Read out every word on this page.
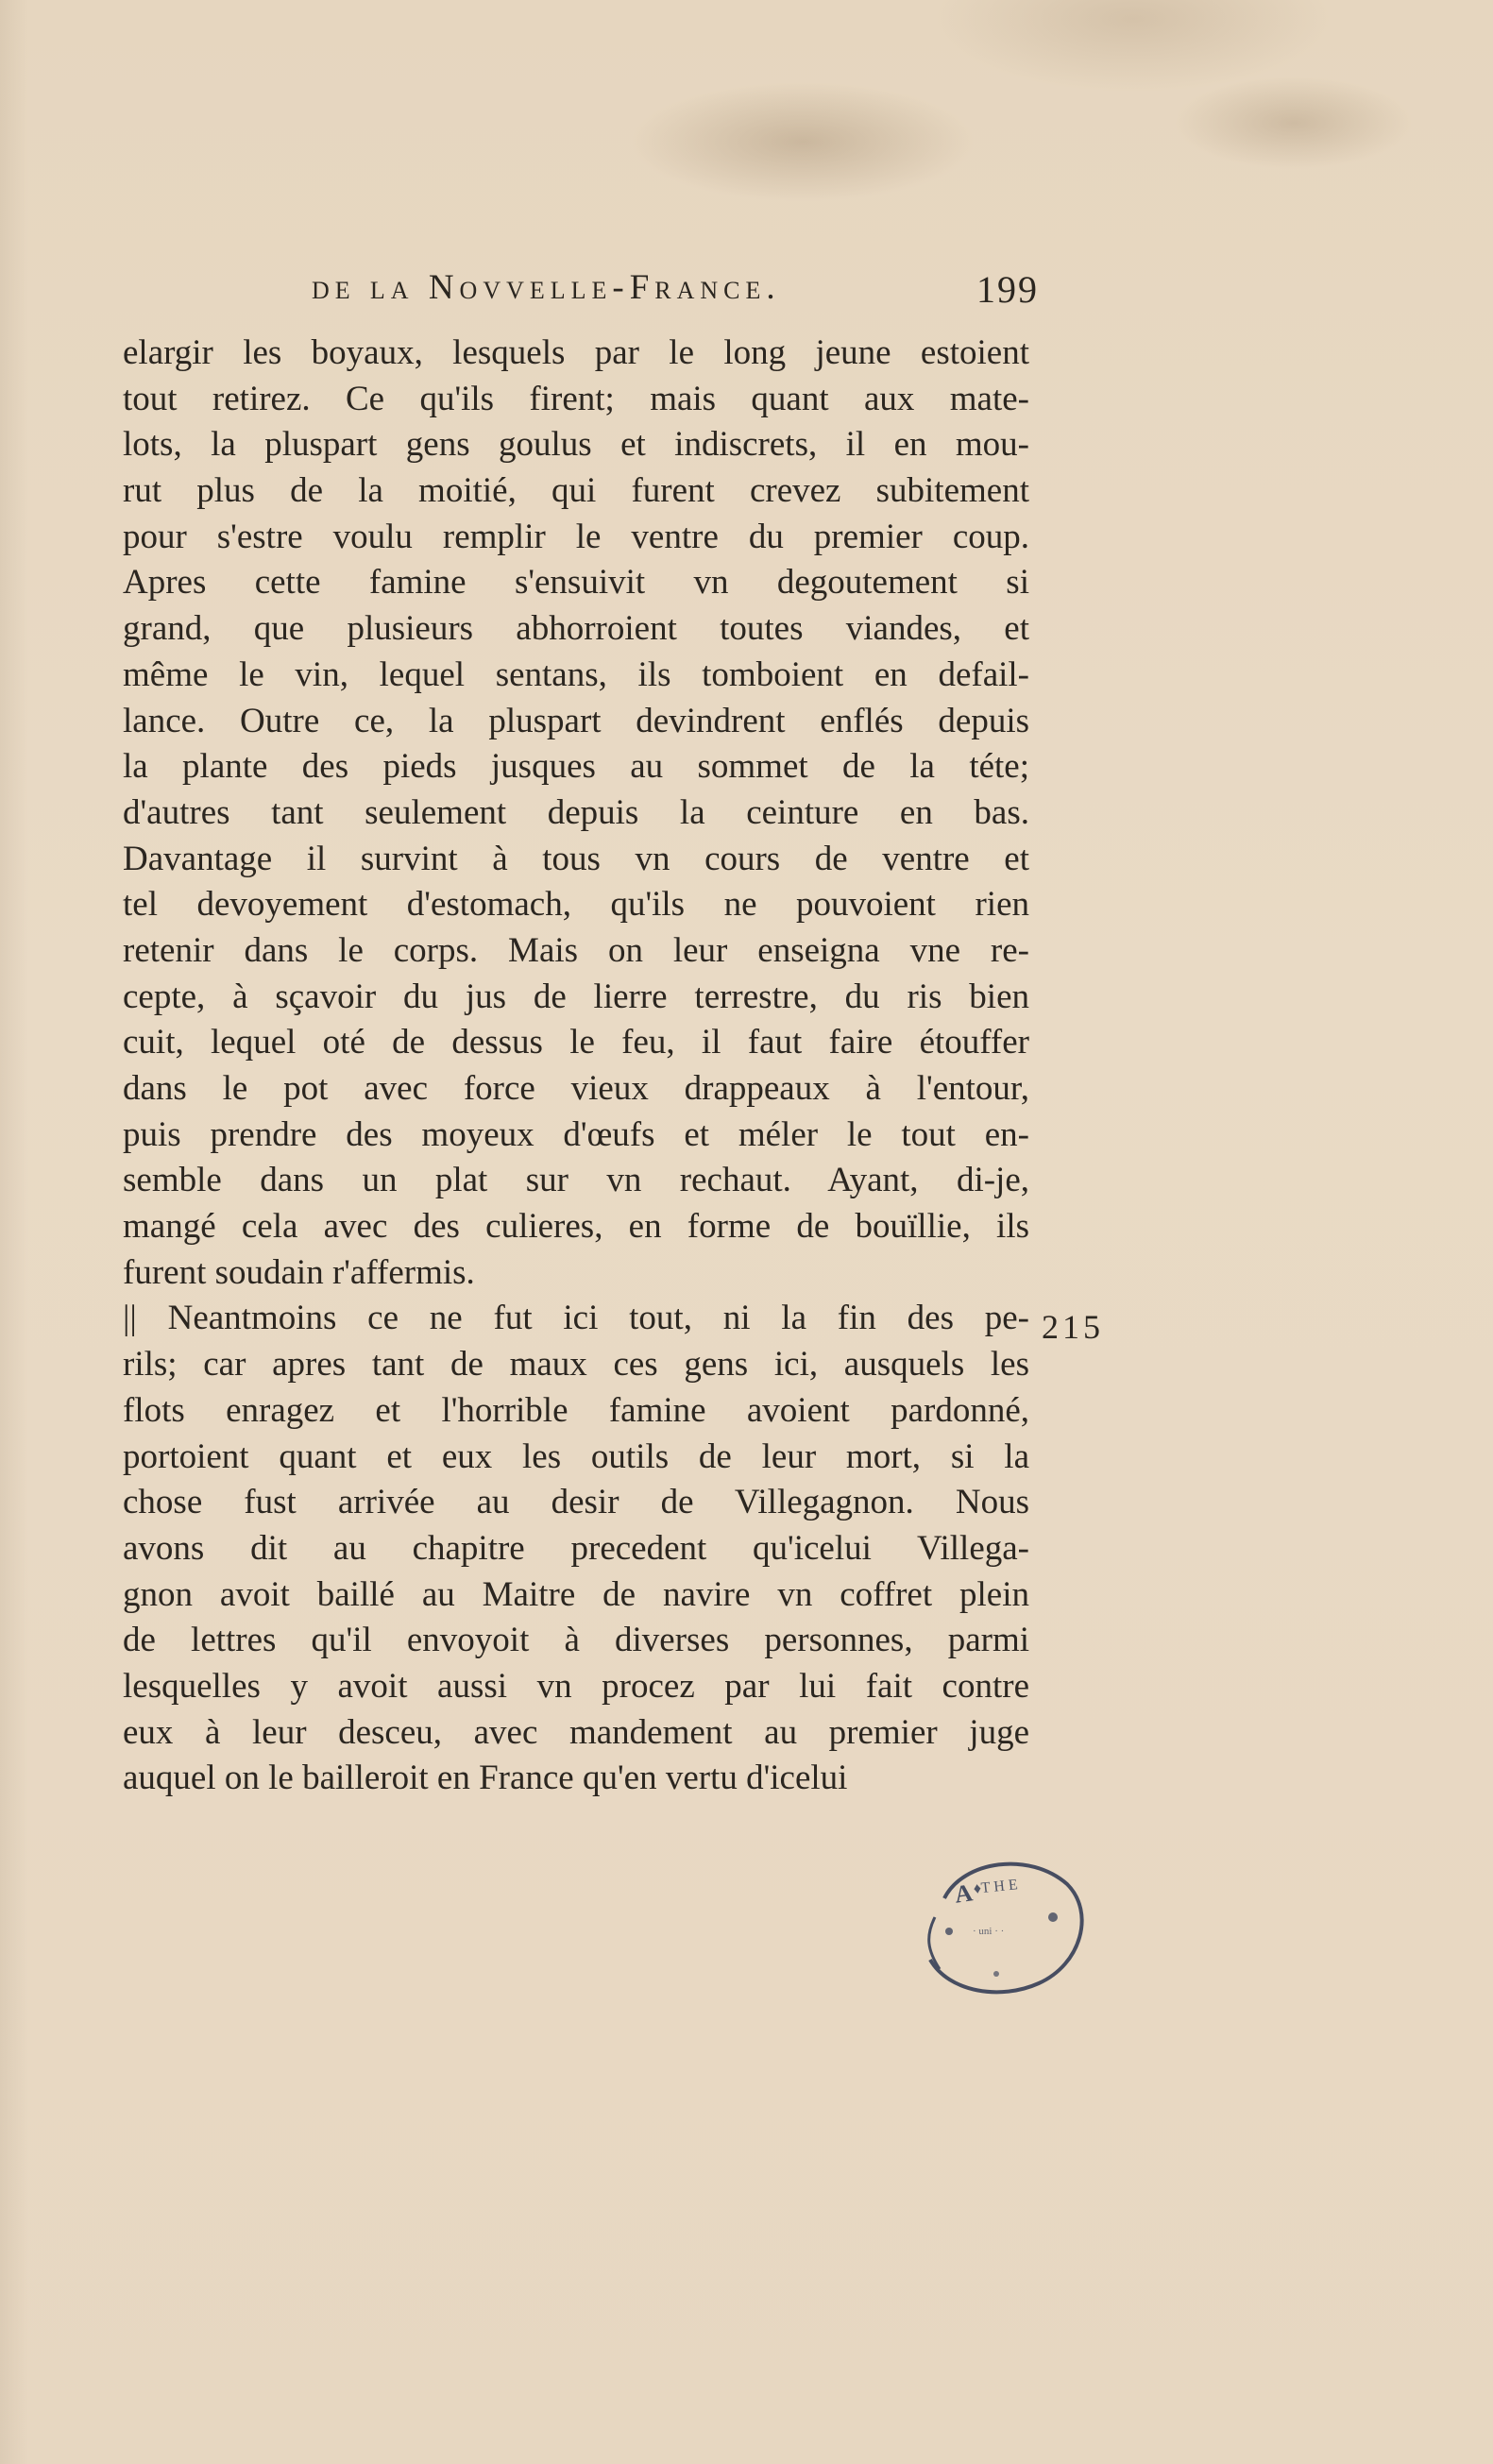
de la Novvelle-France.	199
elargir les boyaux, lesquels par le long jeune estoient
tout retirez. Ce qu'ils firent; mais quant aux mate-
lots, la pluspart gens goulus et indiscrets, il en mou-
rut plus de la moitié, qui furent crevez subitement
pour s'estre voulu remplir le ventre du premier coup.
Apres cette famine s'ensuivit vn degoutement si
grand, que plusieurs abhorroient toutes viandes, et
même le vin, lequel sentans, ils tomboient en defail-
lance. Outre ce, la pluspart devindrent enflés depuis
la plante des pieds jusques au sommet de la téte;
d'autres tant seulement depuis la ceinture en bas.
Davantage il survint à tous vn cours de ventre et
tel devoyement d'estomach, qu'ils ne pouvoient rien
retenir dans le corps. Mais on leur enseigna vne re-
cepte, à sçavoir du jus de lierre terrestre, du ris bien
cuit, lequel oté de dessus le feu, il faut faire étouffer
dans le pot avec force vieux drappeaux à l'entour,
puis prendre des moyeux d'œufs et méler le tout en-
semble dans un plat sur vn rechaut. Ayant, di-je,
mangé cela avec des culieres, en forme de bouïllie, ils
furent soudain r'affermis.
|| Neantmoins ce ne fut ici tout, ni la fin des pe-
rils; car apres tant de maux ces gens ici, ausquels les
flots enragez et l'horrible famine avoient pardonné,
portoient quant et eux les outils de leur mort, si la
chose fust arrivée au desir de Villegagnon. Nous
avons dit au chapitre precedent qu'icelui Villega-
gnon avoit baillé au Maitre de navire vn coffret plein
de lettres qu'il envoyoit à diverses personnes, parmi
lesquelles y avoit aussi vn procez par lui fait contre
eux à leur desceu, avec mandement au premier juge
auquel on le bailleroit en France qu'en vertu d'icelui
215
A
♦T H E
· uni · ·
